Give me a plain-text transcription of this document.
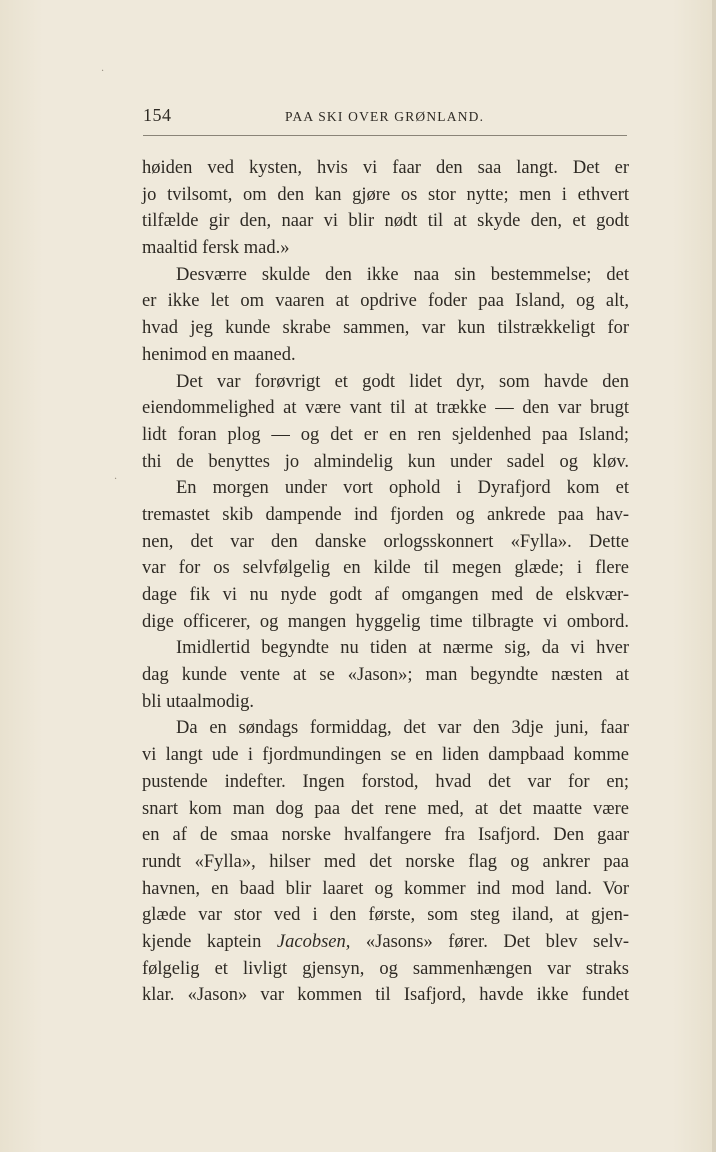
154	PAA SKI OVER GRØNLAND.
høiden ved kysten, hvis vi faar den saa langt. Det er
jo tvilsomt, om den kan gjøre os stor nytte; men i ethvert
tilfælde gir den, naar vi blir nødt til at skyde den, et godt
maaltid fersk mad.»
Desværre skulde den ikke naa sin bestemmelse; det
er ikke let om vaaren at opdrive foder paa Island, og alt,
hvad jeg kunde skrabe sammen, var kun tilstrækkeligt for
henimod en maaned.
Det var forøvrigt et godt lidet dyr, som havde den
eiendommelighed at være vant til at trække — den var brugt
lidt foran plog — og det er en ren sjeldenhed paa Island;
thi de benyttes jo almindelig kun under sadel og kløv.
En morgen under vort ophold i Dyrafjord kom et
tremastet skib dampende ind fjorden og ankrede paa hav-
nen, det var den danske orlogsskonnert «Fylla». Dette
var for os selvfølgelig en kilde til megen glæde; i flere
dage fik vi nu nyde godt af omgangen med de elskvær-
dige officerer, og mangen hyggelig time tilbragte vi ombord.
Imidlertid begyndte nu tiden at nærme sig, da vi hver
dag kunde vente at se «Jason»; man begyndte næsten at
bli utaalmodig.
Da en søndags formiddag, det var den 3dje juni, faar
vi langt ude i fjordmundingen se en liden dampbaad komme
pustende indefter. Ingen forstod, hvad det var for en;
snart kom man dog paa det rene med, at det maatte være
en af de smaa norske hvalfangere fra Isafjord. Den gaar
rundt «Fylla», hilser med det norske flag og ankrer paa
havnen, en baad blir laaret og kommer ind mod land. Vor
glæde var stor ved i den første, som steg iland, at gjen-
kjende kaptein Jacobsen, «Jasons» fører. Det blev selv-
følgelig et livligt gjensyn, og sammenhængen var straks
klar. «Jason» var kommen til Isafjord, havde ikke fundet
·
·
